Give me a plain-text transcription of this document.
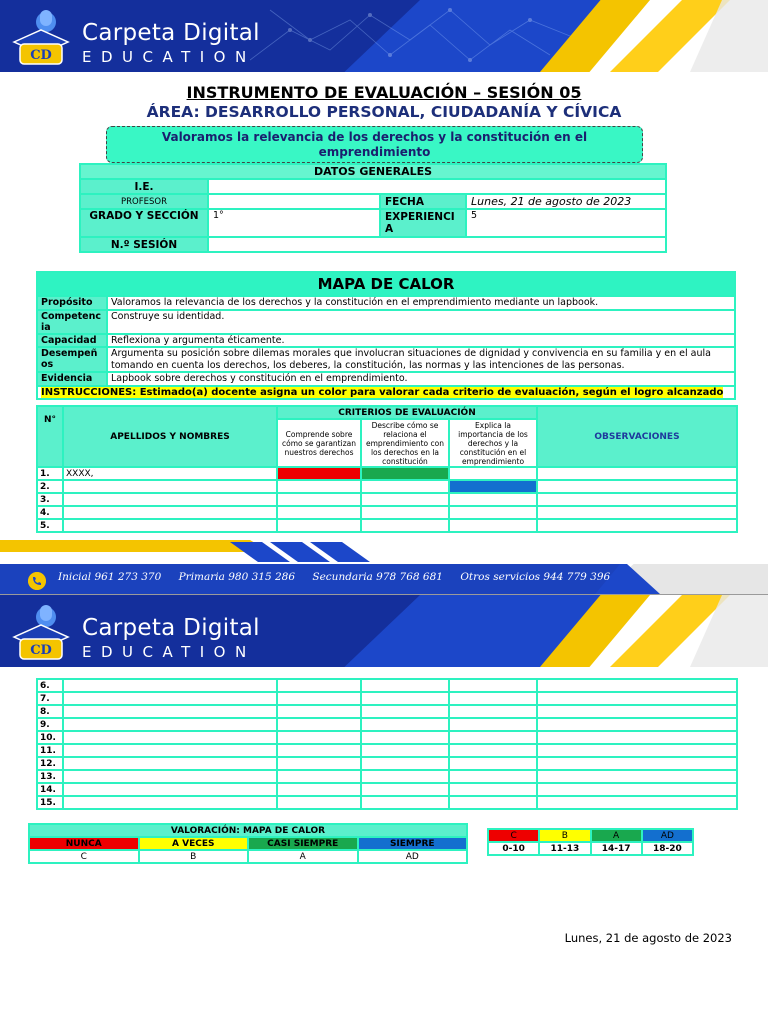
CD
Carpeta Digital
EDUCATION
INSTRUMENTO DE EVALUACIÓN – SESIÓN 05
ÁREA: DESARROLLO PERSONAL, CIUDADANÍA Y CÍVICA
Valoramos la relevancia de los derechos y la constitución en el emprendimiento
DATOS GENERALES			
I.E.			
PROFESOR		FECHA	Lunes, 21 de agosto de 2023
GRADO Y SECCIÓN	1°	EXPERIENCI A	5
N.º SESIÓN			
MAPA DE CALOR	
Propósito	Valoramos la relevancia de los derechos y la constitución en el emprendimiento mediante un lapbook.
Competencia	Construye su identidad.
Capacidad	Reflexiona y argumenta éticamente.
Desempeños	Argumenta su posición sobre dilemas morales que involucran situaciones de dignidad y convivencia en su familia y en el aula tomando en cuenta los derechos, los deberes, la constitución, las normas y las intenciones de las personas.
Evidencia	Lapbook sobre derechos y constitución en el emprendimiento.
INSTRUCCIONES: Estimado(a) docente asigna un color para valorar cada criterio de evaluación, según el logro alcanzado	
N°	APELLIDOS Y NOMBRES	CRITERIOS DE EVALUACIÓN			OBSERVACIONES
		Comprende sobre cómo se garantizan nuestros derechos	Describe cómo se relaciona el emprendimiento con los derechos en la constitución	Explica la importancia de los derechos y la constitución en el emprendimiento	
1.	XXXX,				
2.					
3.					
4.					
5.					
Inicial 961 273 370 Primaria 980 315 286 Secundaria 978 768 681 Otros servicios 944 779 396
CD
Carpeta Digital
EDUCATION
6.					
7.					
8.					
9.					
10.					
11.					
12.					
13.					
14.					
15.					
VALORACIÓN: MAPA DE CALOR			
NUNCA	A VECES	CASI SIEMPRE	SIEMPRE
C	B	A	AD
C	B	A	AD
0-10	11-13	14-17	18-20
Lunes, 21 de agosto de 2023
